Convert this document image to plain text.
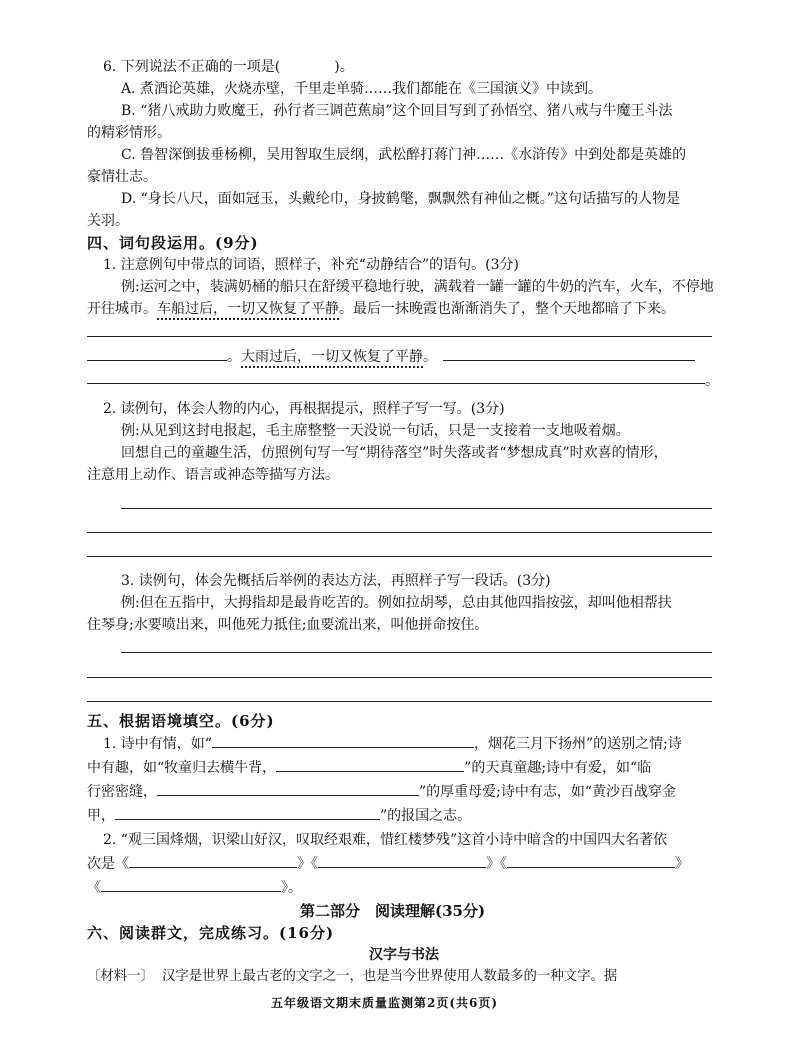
6. 下列说法不正确的一项是(	)。
A. 煮酒论英雄，火烧赤壁，千里走单骑……我们都能在《三国演义》中读到。
B. “猪八戒助力败魔王，孙行者三调芭蕉扇”这个回目写到了孙悟空、猪八戒与牛魔王斗法
的精彩情形。
C. 鲁智深倒拔垂杨柳，吴用智取生辰纲，武松醉打蒋门神……《水浒传》中到处都是英雄的
豪情壮志。
D. “身长八尺，面如冠玉，头戴纶巾，身披鹤氅，飘飘然有神仙之概。”这句话描写的人物是
关羽。
四、词句段运用。(9分)
1. 注意例句中带点的词语，照样子，补充“动静结合”的语句。(3分)
例:运河之中，装满奶桶的船只在舒缓平稳地行驶，满载着一罐一罐的牛奶的汽车，火车，不停地
开往城市。车船过后，一切又恢复了平静。最后一抹晚霞也渐渐消失了，整个天地都暗了下来。
。大雨过后，一切又恢复了平静。
。
2. 读例句，体会人物的内心，再根据提示，照样子写一写。(3分)
例:从见到这封电报起，毛主席整整一天没说一句话，只是一支接着一支地吸着烟。
回想自己的童趣生活，仿照例句写一写“期待落空”时失落或者“梦想成真”时欢喜的情形，
注意用上动作、语言或神态等描写方法。
3. 读例句，体会先概括后举例的表达方法，再照样子写一段话。(3分)
例:但在五指中，大拇指却是最肯吃苦的。例如拉胡琴，总由其他四指按弦，却叫他相帮扶
住琴身;水要喷出来，叫他死力抵住;血要流出来，叫他拼命按住。
五、根据语境填空。(6分)
1. 诗中有情，如“	，烟花三月下扬州”的送别之情;诗
中有趣，如“牧童归去横牛背，	”的天真童趣;诗中有爱，如“临
行密密缝，	”的厚重母爱;诗中有志，如“黄沙百战穿金
甲，	”的报国之志。
2. “观三国烽烟，识梁山好汉，叹取经艰难，惜红楼梦残”这首小诗中暗含的中国四大名著依
次是《	》《	》《	》
《	》。
第二部分　阅读理解(35分)
六、阅读群文，完成练习。(16分)
汉字与书法
〔材料一〕 汉字是世界上最古老的文字之一，也是当今世界使用人数最多的一种文字。据
五年级语文期末质量监测第2页(共6页)
